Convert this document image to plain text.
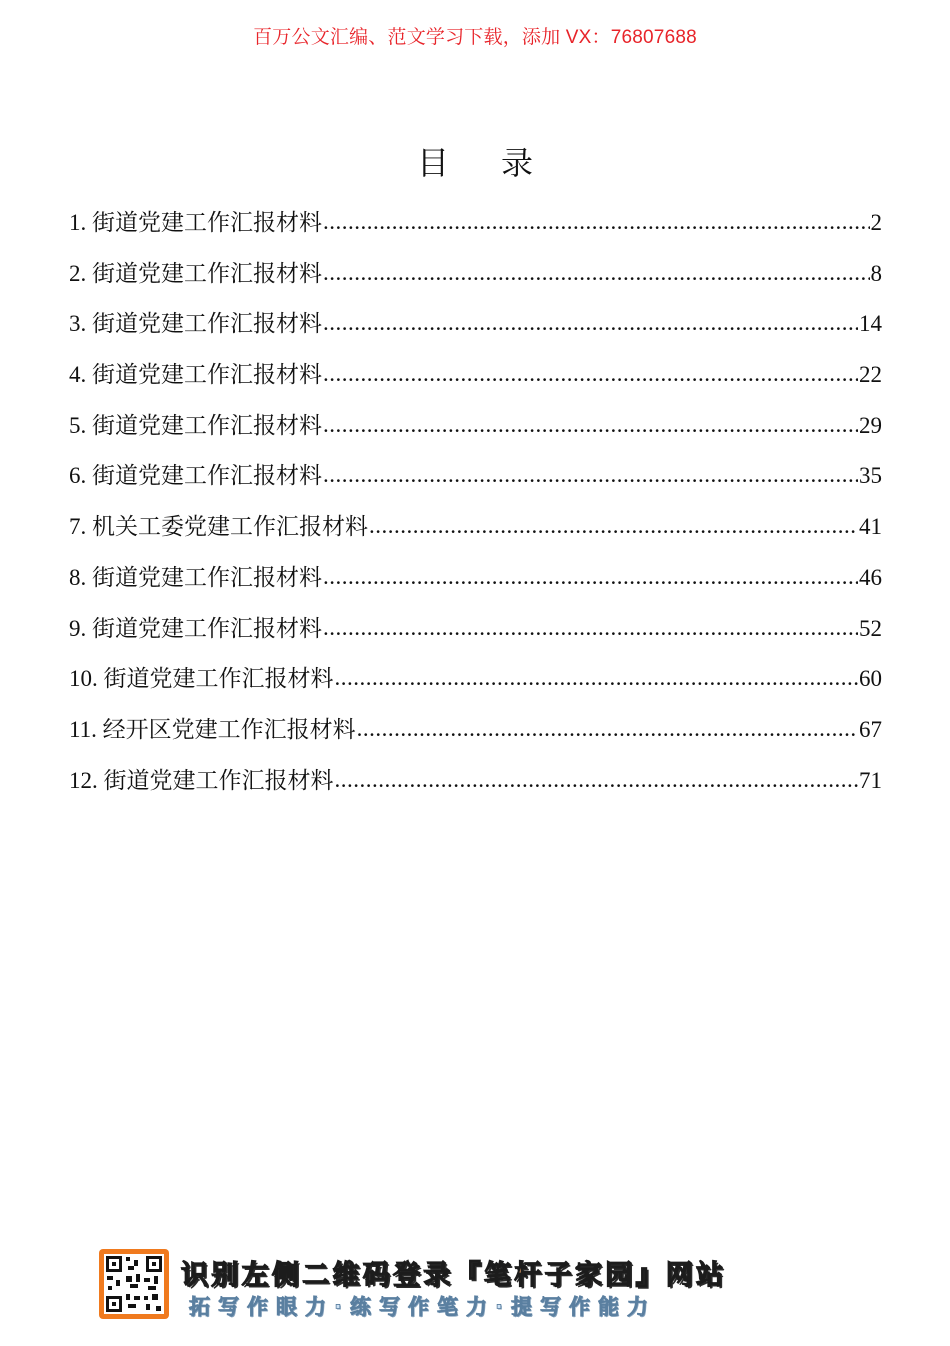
百万公文汇编、范文学习下载，添加 VX：76807688
目 录
1. 街道党建工作汇报材料 .....	2
2. 街道党建工作汇报材料 .....	8
3. 街道党建工作汇报材料 .....	14
4. 街道党建工作汇报材料 .....	22
5. 街道党建工作汇报材料 .....	29
6. 街道党建工作汇报材料 .....	35
7. 机关工委党建工作汇报材料 .....	41
8. 街道党建工作汇报材料 .....	46
9. 街道党建工作汇报材料 .....	52
10. 街道党建工作汇报材料 .....	60
11. 经开区党建工作汇报材料 .....	67
12. 街道党建工作汇报材料 .....	71
识别左侧二维码登录『笔杆子家园』网站
拓写作眼力·练写作笔力·提写作能力
